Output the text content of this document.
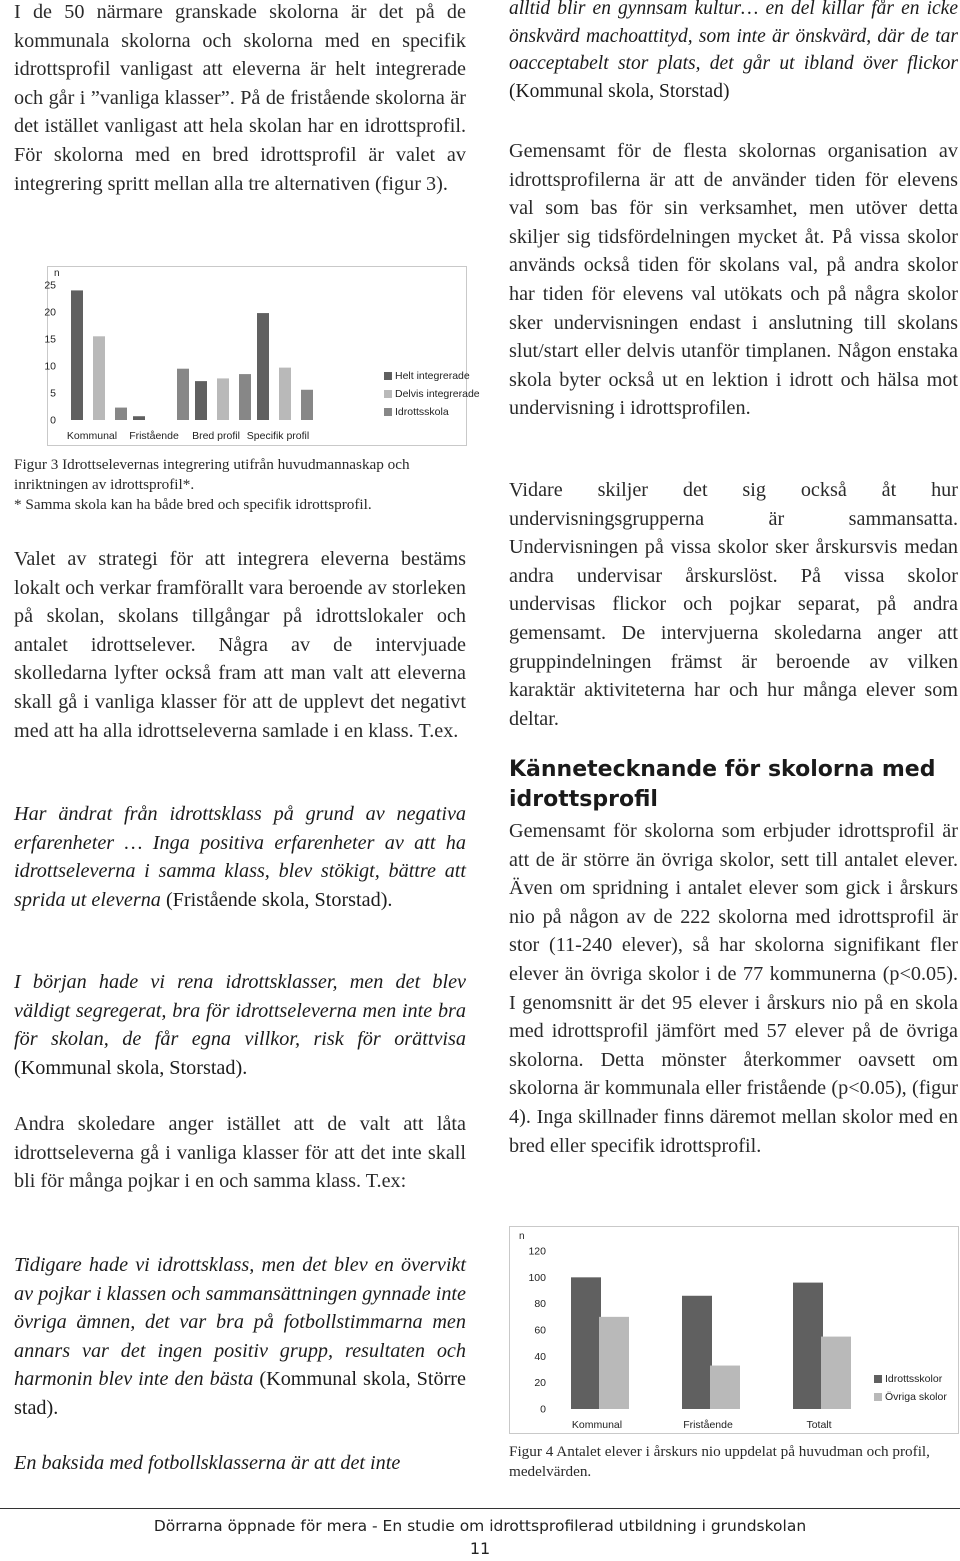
I de 50 närmare granskade skolorna är det på de kommunala skolorna och skolorna med en specifik idrottsprofil vanligast att eleverna är helt integrerade och går i ”vanliga klasser”. På de fristående skolorna är det istället vanligast att hela skolan har en idrottsprofil. För skolorna med en bred idrottsprofil är valet av integrering spritt mellan alla tre alternativen (figur 3).

n
0
5
10
15
20
25
Kommunal Fristående Bred profil Specifik profil
Helt integrerade
Delvis integrerade
Idrottsskola

Figur 3 Idrottselevernas integrering utifrån huvudmannaskap och inriktningen av idrottsprofil*.

* Samma skola kan ha både bred och specifik idrottsprofil.

Valet av strategi för att integrera eleverna bestäms lokalt och verkar framförallt vara beroende av storleken på skolan, skolans tillgångar på idrottslokaler och antalet idrottselever. Några av de intervjuade skolledarna lyfter också fram att man valt att eleverna skall gå i vanliga klasser för att de upplevt det negativt med att ha alla idrottseleverna samlade i en klass. T.ex.

Har ändrat från idrottsklass på grund av negativa erfarenheter … Inga positiva erfarenheter av att ha idrottseleverna i samma klass, blev stökigt, bättre att sprida ut eleverna (Fristående skola, Storstad).

I början hade vi rena idrottsklasser, men det blev väldigt segregerat, bra för idrottseleverna men inte bra för skolan, de får egna villkor, risk för orättvisa (Kommunal skola, Storstad).

Andra skoledare anger istället att de valt att låta idrottseleverna gå i vanliga klasser för att det inte skall bli för många pojkar i en och samma klass. T.ex:

Tidigare hade vi idrottsklass, men det blev en övervikt av pojkar i klassen och sammansättningen gynnade inte övriga ämnen, det var bra på fotbollstimmarna men annars var det ingen positiv grupp, resultaten och harmonin blev inte den bästa (Kommunal skola, Större stad).

En baksida med fotbollsklasserna är att det inte

alltid blir en gynnsam kultur… en del killar får en icke önskvärd machoattityd, som inte är önskvärd, där de tar oacceptabelt stor plats, det går ut ibland över flickor (Kommunal skola, Storstad)

Gemensamt för de flesta skolornas organisation av idrottsprofilerna är att de använder tiden för elevens val som bas för sin verksamhet, men utöver detta skiljer sig tidsfördelningen mycket åt. På vissa skolor används också tiden för skolans val, på andra skolor har tiden för elevens val utökats och på några skolor sker undervisningen endast i anslutning till skolans slut/start eller delvis utanför timplanen. Någon enstaka skola byter också ut en lektion i idrott och hälsa mot undervisning i idrottsprofilen.

Vidare skiljer det sig också åt hur undervisningsgrupperna är sammansatta. Undervisningen på vissa skolor sker årskursvis medan andra undervisar årskurslöst. På vissa skolor undervisas flickor och pojkar separat, på andra gemensamt. De intervjuerna skoledarna anger att gruppindelningen främst är beroende av vilken karaktär aktiviteterna har och hur många elever som deltar.

Kännetecknande för skolorna med idrottsprofil

Gemensamt för skolorna som erbjuder idrottsprofil är att de är större än övriga skolor, sett till antalet elever. Även om spridning i antalet elever som gick i årskurs nio på någon av de 222 skolorna med idrottsprofil är stor (11-240 elever), så har skolorna signifikant fler elever än övriga skolor i de 77 kommunerna (p<0.05). I genomsnitt är det 95 elever i årskurs nio på en skola med idrottsprofil jämfört med 57 elever på de övriga skolorna. Detta mönster återkommer oavsett om skolorna är kommunala eller fristående (p<0.05), (figur 4). Inga skillnader finns däremot mellan skolor med en bred eller specifik idrottsprofil.

n
0
20
40
60
80
100
120
Kommunal	Fristående	Totalt
Idrottsskolor
Övriga skolor

Figur 4 Antalet elever i årskurs nio uppdelat på huvudman och profil, medelvärden.

Dörrarna öppnade för mera - En studie om idrottsprofilerad utbildning i grundskolan
11
